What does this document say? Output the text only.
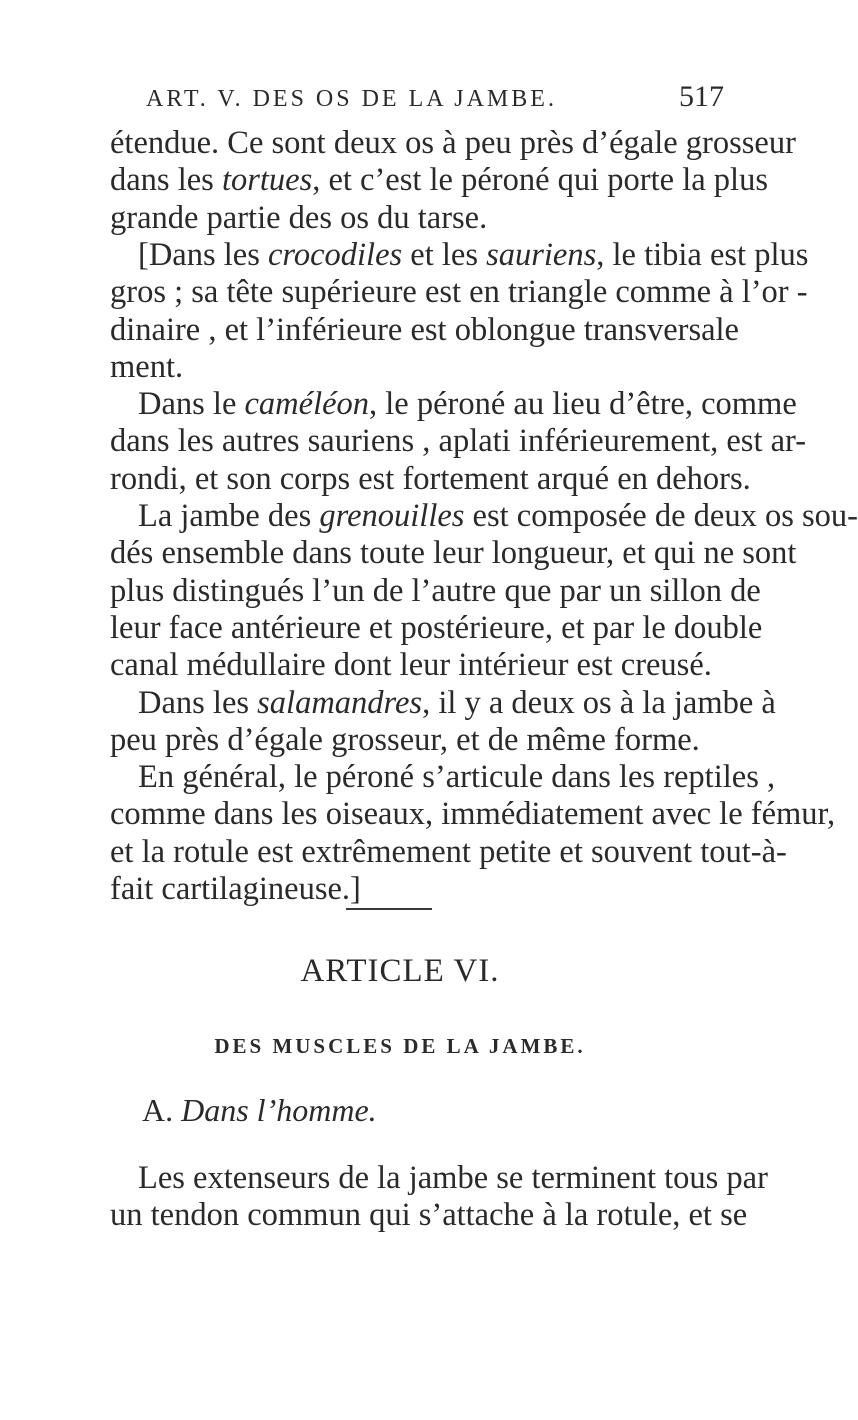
ART. V. DES OS DE LA JAMBE.	517
étendue. Ce sont deux os à peu près d’égale grosseur
dans les tortues, et c’est le péroné qui porte la plus
grande partie des os du tarse.
[Dans les crocodiles et les sauriens, le tibia est plus
gros ; sa tête supérieure est en triangle comme à l’or -
dinaire , et l’inférieure est oblongue transversale
ment.
Dans le caméléon, le péroné au lieu d’être, comme
dans les autres sauriens , aplati inférieurement, est ar-
rondi, et son corps est fortement arqué en dehors.
La jambe des grenouilles est composée de deux os sou-
dés ensemble dans toute leur longueur, et qui ne sont
plus distingués l’un de l’autre que par un sillon de
leur face antérieure et postérieure, et par le double
canal médullaire dont leur intérieur est creusé.
Dans les salamandres, il y a deux os à la jambe à
peu près d’égale grosseur, et de même forme.
En général, le péroné s’articule dans les reptiles ,
comme dans les oiseaux, immédiatement avec le fémur,
et la rotule est extrêmement petite et souvent tout-à-
fait cartilagineuse.]
ARTICLE VI.
DES MUSCLES DE LA JAMBE.
A. Dans l’homme.
Les extenseurs de la jambe se terminent tous par
un tendon commun qui s’attache à la rotule, et se
